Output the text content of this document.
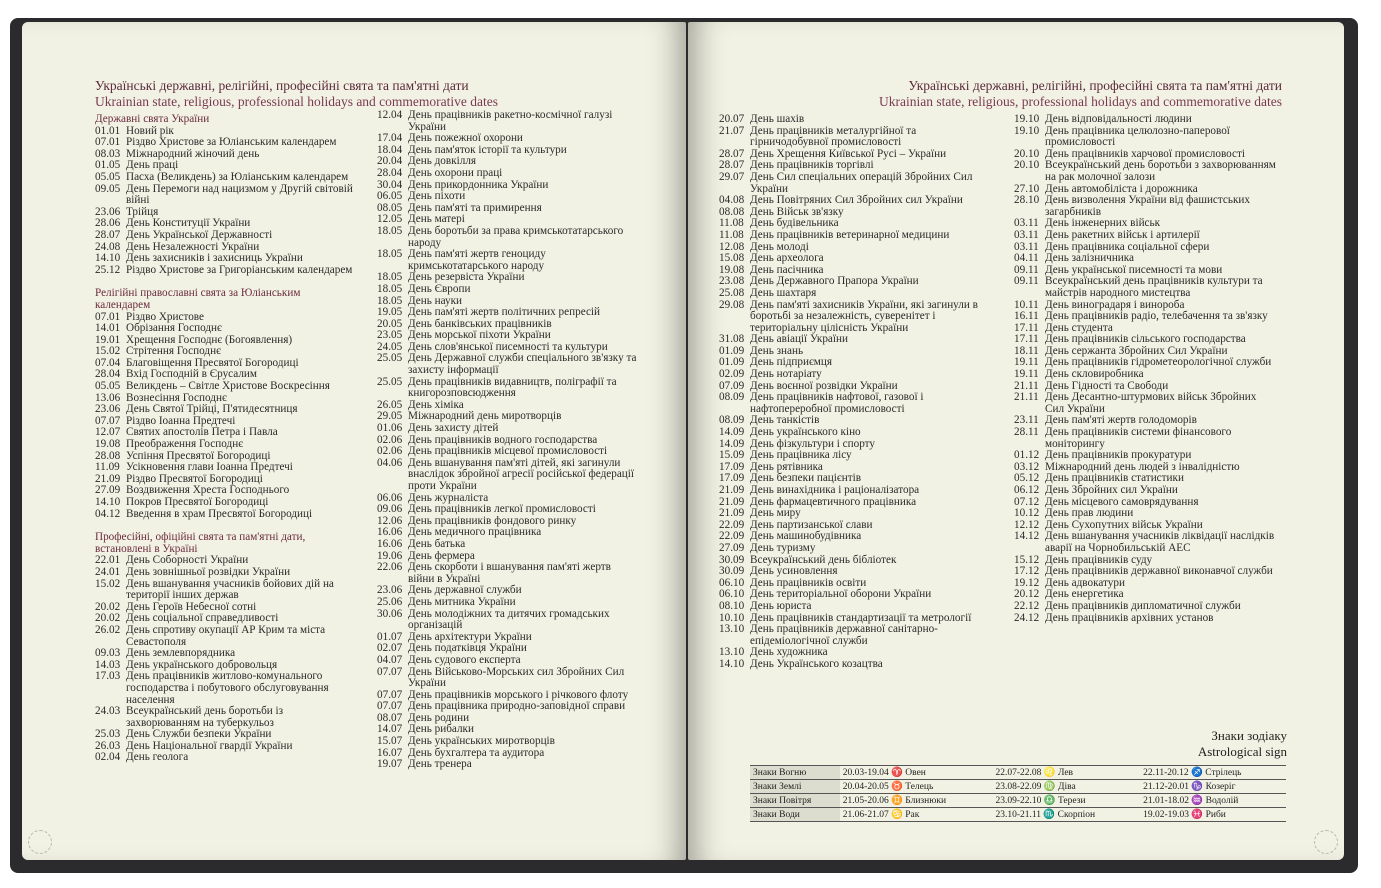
Українські державні, релігійні, професійні свята та пам'ятні дати
Ukrainian state, religious, professional holidays and commemorative dates
Державні свята України
01.01 Новий рік
07.01 Різдво Христове за Юліанським календарем
08.03 Міжнародний жіночий день
01.05 День праці
05.05 Пасха (Великдень) за Юліанським календарем
09.05 День Перемоги над нацизмом у Другій світовій війні
23.06 Трійця
28.06 День Конституції України
28.07 День Української Державності
24.08 День Незалежності України
14.10 День захисників і захисниць України
25.12 Різдво Христове за Григоріанським календарем
Релігійні православні свята за Юліанським календарем
07.01 Різдво Христове
14.01 Обрізання Господнє
19.01 Хрещення Господнє (Богоявлення)
15.02 Стрітення Господнє
07.04 Благовіщення Пресвятої Богородиці
28.04 Вхід Господній в Єрусалим
05.05 Великдень – Світле Христове Воскресіння
13.06 Вознесіння Господнє
23.06 День Святої Трійці, П'ятидесятниця
07.07 Різдво Іоанна Предтечі
12.07 Святих апостолів Петра і Павла
19.08 Преображення Господнє
28.08 Успіння Пресвятої Богородиці
11.09 Усікновення глави Іоанна Предтечі
21.09 Різдво Пресвятої Богородиці
27.09 Воздвиження Хреста Господнього
14.10 Покров Пресвятої Богородиці
04.12 Введення в храм Пресвятої Богородиці
Професійні, офіційні свята та пам'ятні дати, встановлені в Україні
22.01 День Соборності України
24.01 День зовнішньої розвідки України
15.02 День вшанування учасників бойових дій на території інших держав
20.02 День Героїв Небесної сотні
20.02 День соціальної справедливості
26.02 День спротиву окупації АР Крим та міста Севастополя
09.03 День землевпорядника
14.03 День українського добровольця
17.03 День працівників житлово-комунального господарства і побутового обслуговування населення
24.03 Всеукраїнський день боротьби із захворюванням на туберкульоз
25.03 День Служби безпеки України
26.03 День Національної гвардії України
02.04 День геолога
12.04 День працівників ракетно-космічної галузі України
17.04 День пожежної охорони
18.04 День пам'яток історії та культури
20.04 День довкілля
28.04 День охорони праці
30.04 День прикордонника України
06.05 День піхоти
08.05 День пам'яті та примирення
12.05 День матері
18.05 День боротьби за права кримськотатарського народу
18.05 День пам'яті жертв геноциду кримськотатарського народу
18.05 День резервіста України
18.05 День Європи
18.05 День науки
19.05 День пам'яті жертв політичних репресій
20.05 День банківських працівників
23.05 День морської піхоти України
24.05 День слов'янської писемності та культури
25.05 День Державної служби спеціального зв'язку та захисту інформації
25.05 День працівників видавництв, поліграфії та книгорозповсюдження
26.05 День хіміка
29.05 Міжнародний день миротворців
01.06 День захисту дітей
02.06 День працівників водного господарства
02.06 День працівників місцевої промисловості
04.06 День вшанування пам'яті дітей, які загинули внаслідок збройної агресії російської федерації проти України
06.06 День журналіста
09.06 День працівників легкої промисловості
12.06 День працівників фондового ринку
16.06 День медичного працівника
16.06 День батька
19.06 День фермера
22.06 День скорботи і вшанування пам'яті жертв війни в Україні
23.06 День державної служби
25.06 День митника України
30.06 День молодіжних та дитячих громадських організацій
01.07 День архітектури України
02.07 День податківця України
04.07 День судового експерта
07.07 День Військово-Морських сил Збройних Сил України
07.07 День працівників морського і річкового флоту
07.07 День працівника природно-заповідної справи
08.07 День родини
14.07 День рибалки
15.07 День українських миротворців
16.07 День бухгалтера та аудитора
19.07 День тренера
Українські державні, релігійні, професійні свята та пам'ятні дати
Ukrainian state, religious, professional holidays and commemorative dates
20.07 День шахів
21.07 День працівників металургійної та гірничодобувної промисловості
28.07 День Хрещення Київської Русі – України
28.07 День працівників торгівлі
29.07 День Сил спеціальних операцій Збройних Сил України
04.08 День Повітряних Сил Збройних сил України
08.08 День Військ зв'язку
11.08 День будівельника
11.08 День працівників ветеринарної медицини
12.08 День молоді
15.08 День археолога
19.08 День пасічника
23.08 День Державного Прапора України
25.08 День шахтаря
29.08 День пам'яті захисників України, які загинули в боротьбі за незалежність, суверенітет і територіальну цілісність України
31.08 День авіації України
01.09 День знань
01.09 День підприємця
02.09 День нотаріату
07.09 День воєнної розвідки України
08.09 День працівників нафтової, газової і нафтопереробної промисловості
08.09 День танкістів
14.09 День українського кіно
14.09 День фізкультури і спорту
15.09 День працівника лісу
17.09 День рятівника
17.09 День безпеки пацієнтів
21.09 День винахідника і раціоналізатора
21.09 День фармацевтичного працівника
21.09 День миру
22.09 День партизанської слави
22.09 День машинобудівника
27.09 День туризму
30.09 Всеукраїнський день бібліотек
30.09 День усиновлення
06.10 День працівників освіти
06.10 День територіальної оборони України
08.10 День юриста
10.10 День працівників стандартизації та метрології
13.10 День працівників державної санітарно-епідеміологічної служби
13.10 День художника
14.10 День Українського козацтва
19.10 День відповідальності людини
19.10 День працівника целюлозно-паперової промисловості
20.10 День працівників харчової промисловості
20.10 Всеукраїнський день боротьби з захворюванням на рак молочної залози
27.10 День автомобіліста і дорожника
28.10 День визволення України від фашистських загарбників
03.11 День інженерних військ
03.11 День ракетних військ і артилерії
03.11 День працівника соціальної сфери
04.11 День залізничника
09.11 День української писемності та мови
09.11 Всеукраїнський день працівників культури та майстрів народного мистецтва
10.11 День виноградаря і винороба
16.11 День працівників радіо, телебачення та зв'язку
17.11 День студента
17.11 День працівників сільського господарства
18.11 День сержанта Збройних Сил України
19.11 День працівників гідрометеорологічної служби
19.11 День скловиробника
21.11 День Гідності та Свободи
21.11 День Десантно-штурмових військ Збройних Сил України
23.11 День пам'яті жертв голодоморів
28.11 День працівників системи фінансового моніторингу
01.12 День працівників прокуратури
03.12 Міжнародний день людей з інвалідністю
05.12 День працівників статистики
06.12 День Збройних сил України
07.12 День місцевого самоврядування
10.12 День прав людини
12.12 День Сухопутних військ України
14.12 День вшанування учасників ліквідації наслідків аварії на Чорнобильській АЕС
15.12 День працівників суду
17.12 День працівників державної виконавчої служби
19.12 День адвокатури
20.12 День енергетика
22.12 День працівників дипломатичної служби
24.12 День працівників архівних установ
Знаки зодіаку
Astrological sign
Знаки Вогню	20.03-19.04 ♈ Овен	22.07-22.08 ♌ Лев	22.11-20.12 ♐ Стрілець
Знаки Землі	20.04-20.05 ♉ Телець	23.08-22.09 ♍ Діва	21.12-20.01 ♑ Козеріг
Знаки Повітря	21.05-20.06 ♊ Близнюки	23.09-22.10 ♎ Терези	21.01-18.02 ♒ Водолій
Знаки Води	21.06-21.07 ♋ Рак	23.10-21.11 ♏ Скорпіон	19.02-19.03 ♓ Риби
